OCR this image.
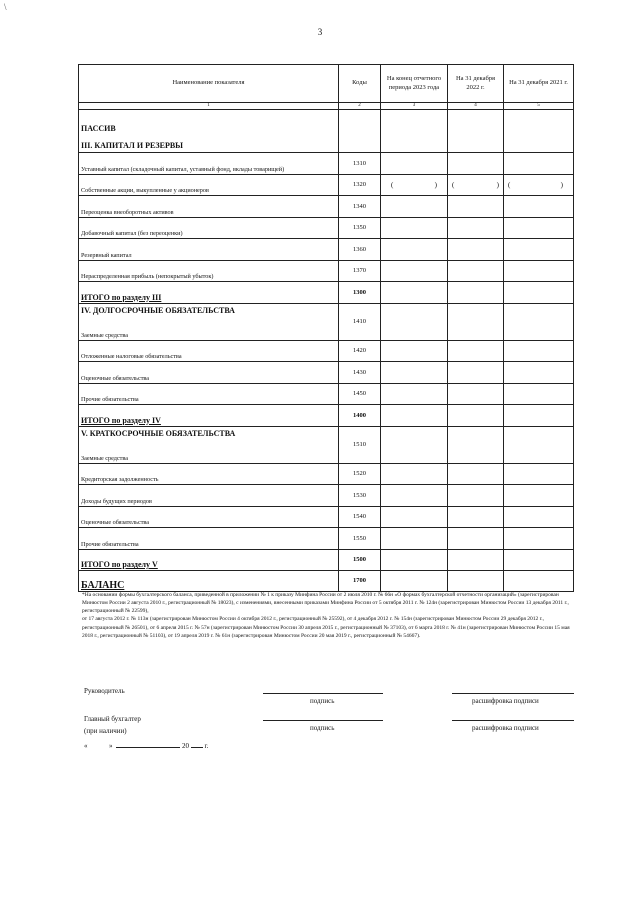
\
3
Наименование показателя	Коды	На конец отчетного периода 2023 года	На 31 декабря 2022 г.	На 31 декабря 2021 г.
1	2	3	4	5

ПАССИВ
III. КАПИТАЛ И РЕЗЕРВЫ				

Уставный капитал (складочный капитал, уставный фонд, вклады товарищей)	1310			
Собственные акции, выкупленные у акционеров	1320	( )	( )	( )

Переоценка внеоборотных активов	1340			
Добавочный капитал (без переоценки)	1350			
Резервный капитал	1360			
Нераспределенная прибыль (непокрытый убыток)	1370			
ИТОГО по разделу III	1300			

IV. ДОЛГОСРОЧНЫЕ ОБЯЗАТЕЛЬСТВА
Заемные средства	1410			
Отложенные налоговые обязательства	1420			
Оценочные обязательства	1430			
Прочие обязательства	1450			
ИТОГО по разделу IV	1400			

V. КРАТКОСРОЧНЫЕ ОБЯЗАТЕЛЬСТВА
Заемные средства	1510			
Кредиторская задолженность	1520			
Доходы будущих периодов	1530			
Оценочные обязательства	1540			
Прочие обязательства	1550			
ИТОГО по разделу V	1500			
БАЛАНС	1700			

*На основании формы бухгалтерского баланса, приведенной в приложении № 1 к приказу Минфина России от 2 июля 2010 г. № 66н «О формах бухгалтерской отчетности организаций» (зарегистрирован Минюстом России 2 августа 2010 г., регистрационный № 18023), с изменениями, внесенными приказами Минфина России от 5 октября 2011 г. № 124н (зарегистрирован Минюстом России 13 декабря 2011 г., регистрационный № 22599),

от 17 августа 2012 г. № 113н (зарегистрирован Минюстом России 4 октября 2012 г., регистрационный № 25592), от 4 декабря 2012 г. № 154н (зарегистрирован Минюстом России 29 декабря 2012 г., регистрационный № 26501), от 6 апреля 2015 г. № 57н (зарегистрирован Минюстом России 30 апреля 2015 г., регистрационный № 37103), от 6 марта 2018 г. № 41н (зарегистрирован Минюстом России 15 мая 2018 г., регистрационный № 51103), от 19 апреля 2019 г. № 61н (зарегистрирован Минюстом России 20 мая 2019 г., регистрационный № 54667).

Руководитель
подпись	расшифровка подписи
Главный бухгалтер
(при наличии)	подпись	расшифровка подписи
«	»	20 г.
